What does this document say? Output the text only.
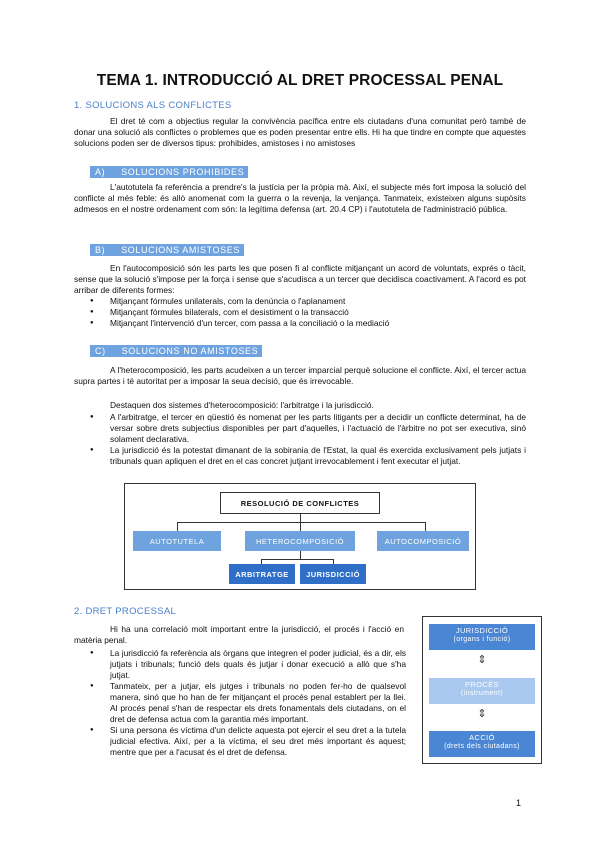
TEMA 1. INTRODUCCIÓ AL DRET PROCESSAL PENAL
1. SOLUCIONS ALS CONFLICTES
El dret té com a objectius regular la convivència pacífica entre els ciutadans d'una comunitat però també de donar una solució als conflictes o problemes que es poden presentar entre ells. Hi ha que tindre en compte que aquestes solucions poden ser de diversos tipus: prohibides, amistoses i no amistoses
A) SOLUCIONS PROHIBIDES
L'autotutela fa referència a prendre's la justícia per la pròpia mà. Així, el subjecte més fort imposa la solució del conflicte al més feble: és allò anomenat com la guerra o la revenja, la venjança. Tanmateix, existeixen alguns supòsits admesos en el nostre ordenament com són: la legítima defensa (art. 20.4 CP) i l'autotutela de l'administració pública.
B) SOLUCIONS AMISTOSES
En l'autocomposició són les parts les que posen fi al conflicte mitjançant un acord de voluntats, exprés o tàcit, sense que la solució s'impose per la força i sense que s'acudisca a un tercer que decidisca coactivament. A l'acord es pot arribar de diferents formes:
● Mitjançant fórmules unilaterals, com la denúncia o l'aplanament
● Mitjançant fórmules bilaterals, com el desistiment o la transacció
● Mitjançant l'intervenció d'un tercer, com passa a la conciliació o la mediació
C) SOLUCIONS NO AMISTOSES
A l'heterocomposició, les parts acudeixen a un tercer imparcial perquè solucione el conflicte. Així, el tercer actua supra partes i té autoritat per a imposar la seua decisió, que és irrevocable.
Destaquen dos sistemes d'heterocomposició: l'arbitratge i la jurisdicció.
● A l'arbitratge, el tercer en qüestió és nomenat per les parts litigants per a decidir un conflicte determinat, ha de versar sobre drets subjectius disponibles per part d'aquelles, i l'actuació de l'àrbitre no pot ser executiva, sinó solament declarativa.
● La jurisdicció és la potestat dimanant de la sobirania de l'Estat, la qual és exercida exclusivament pels jutjats i tribunals quan apliquen el dret en el cas concret jutjant irrevocablement i fent executar el jutjat.
RESOLUCIÓ DE CONFLICTES
AUTOTUTELA	HETEROCOMPOSICIÓ	AUTOCOMPOSICIÓ
ARBITRATGE	JURISDICCIÓ
2. DRET PROCESSAL
Hi ha una correlació molt important entre la jurisdicció, el procés i l'acció en matèria penal.
● La jurisdicció fa referència als òrgans que integren el poder judicial, és a dir, els jutjats i tribunals; funció dels quals és jutjar i donar execució a allò que s'ha jutjat.
● Tanmateix, per a jutjar, els jutges i tribunals no poden fer-ho de qualsevol manera, sinó que ho han de fer mitjançant el procés penal establert per la llei. Al procés penal s'han de respectar els drets fonamentals dels ciutadans, on el dret de defensa actua com la garantia més important.
● Si una persona és víctima d'un delicte aquesta pot ejercir el seu dret a la tutela judicial efectiva. Així, per a la víctima, el seu dret més important és aquest; mentre que per a l'acusat és el dret de defensa.
JURISDICCIÓ
(organs i funció)
⇕
PROCÉS
(instrument)
⇕
ACCIÓ
(drets dels ciutadans)
1
